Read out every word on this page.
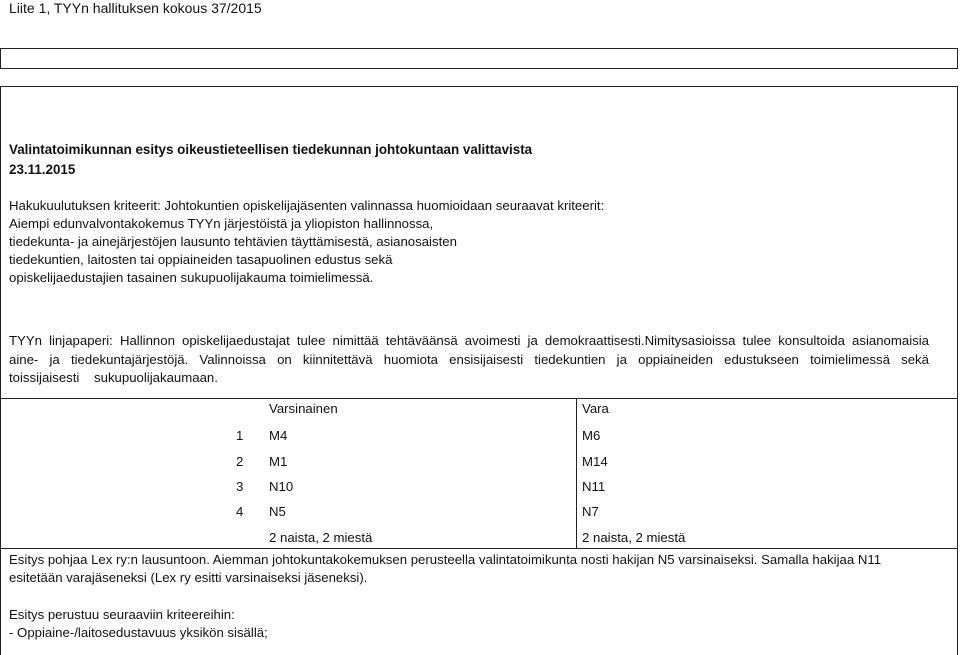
Liite 1, TYYn hallituksen kokous 37/2015
Valintatoimikunnan esitys oikeustieteellisen tiedekunnan johtokuntaan valittavista
23.11.2015
Hakukuulutuksen kriteerit: Johtokuntien opiskelijajäsenten valinnassa huomioidaan seuraavat kriteerit:
Aiempi edunvalvontakokemus TYYn järjestöistä ja yliopiston hallinnossa,
tiedekunta- ja ainejärjestöjen lausunto tehtävien täyttämisestä, asianosaisten
tiedekuntien, laitosten tai oppiaineiden tasapuolinen edustus sekä
opiskelijaedustajien tasainen sukupuolijakauma toimielimessä.
TYYn linjapaperi: Hallinnon opiskelijaedustajat tulee nimittää tehtäväänsä avoimesti ja demokraattisesti.Nimitysasioissa tulee konsultoida asianomaisia
aine- ja tiedekuntajärjestöjä. Valinnoissa on kiinnitettävä huomiota ensisijaisesti tiedekuntien ja oppiaineiden edustukseen toimielimessä sekä
toissijaisesti    sukupuolijakaumaan.
Varsinainen	Vara
1 M4	M6
2 M1	M14
3 N10	N11
4 N5	N7
2 naista, 2 miestä	2 naista, 2 miestä
Esitys pohjaa Lex ry:n lausuntoon. Aiemman johtokuntakokemuksen perusteella valintatoimikunta nosti hakijan N5 varsinaiseksi. Samalla hakijaa N11
esitetään varajäseneksi (Lex ry esitti varsinaiseksi jäseneksi).
Esitys perustuu seuraaviin kriteereihin:
- Oppiaine-/laitosedustavuus yksikön sisällä;
